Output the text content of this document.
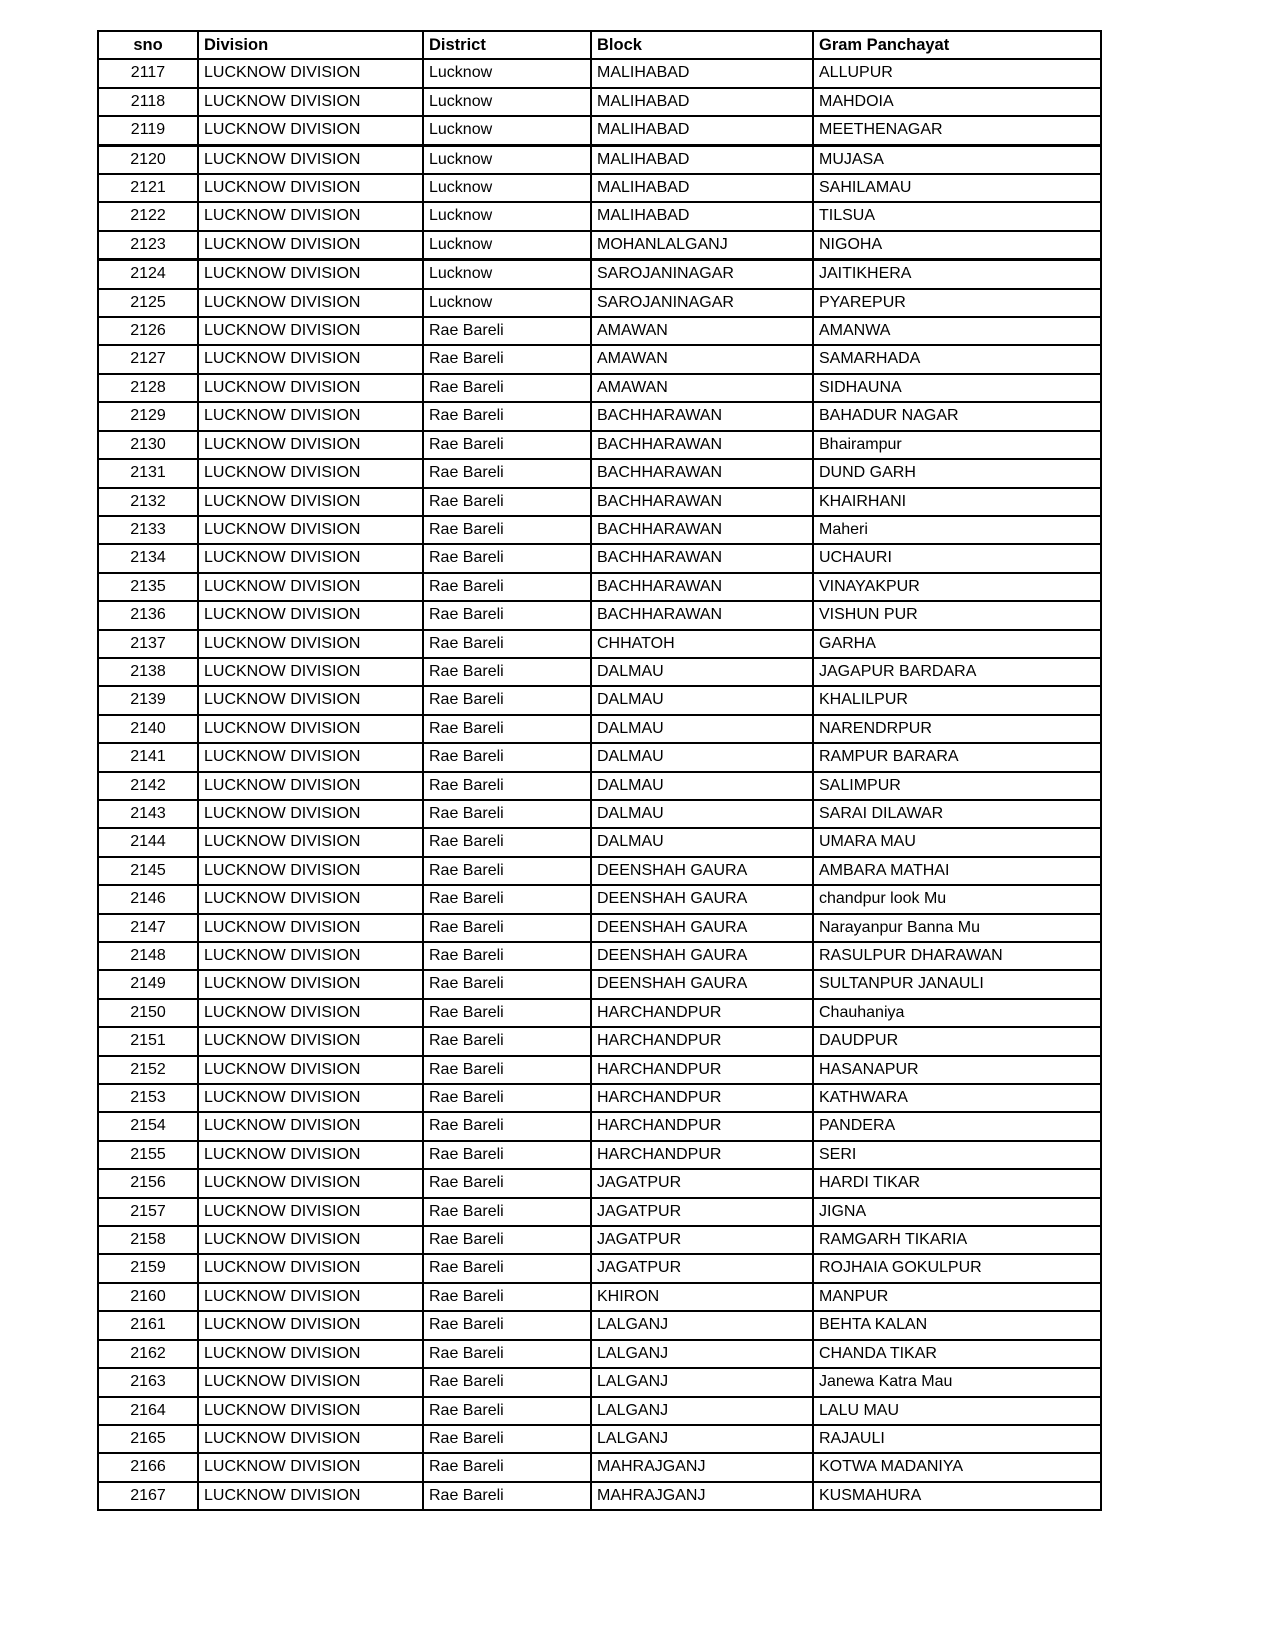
sno	Division	District	Block	Gram Panchayat
2117	LUCKNOW DIVISION	Lucknow	MALIHABAD	ALLUPUR
2118	LUCKNOW DIVISION	Lucknow	MALIHABAD	MAHDOIA
2119	LUCKNOW DIVISION	Lucknow	MALIHABAD	MEETHENAGAR
2120	LUCKNOW DIVISION	Lucknow	MALIHABAD	MUJASA
2121	LUCKNOW DIVISION	Lucknow	MALIHABAD	SAHILAMAU
2122	LUCKNOW DIVISION	Lucknow	MALIHABAD	TILSUA
2123	LUCKNOW DIVISION	Lucknow	MOHANLALGANJ	NIGOHA
2124	LUCKNOW DIVISION	Lucknow	SAROJANINAGAR	JAITIKHERA
2125	LUCKNOW DIVISION	Lucknow	SAROJANINAGAR	PYAREPUR
2126	LUCKNOW DIVISION	Rae Bareli	AMAWAN	AMANWA
2127	LUCKNOW DIVISION	Rae Bareli	AMAWAN	SAMARHADA
2128	LUCKNOW DIVISION	Rae Bareli	AMAWAN	SIDHAUNA
2129	LUCKNOW DIVISION	Rae Bareli	BACHHARAWAN	BAHADUR NAGAR
2130	LUCKNOW DIVISION	Rae Bareli	BACHHARAWAN	Bhairampur
2131	LUCKNOW DIVISION	Rae Bareli	BACHHARAWAN	DUND GARH
2132	LUCKNOW DIVISION	Rae Bareli	BACHHARAWAN	KHAIRHANI
2133	LUCKNOW DIVISION	Rae Bareli	BACHHARAWAN	Maheri
2134	LUCKNOW DIVISION	Rae Bareli	BACHHARAWAN	UCHAURI
2135	LUCKNOW DIVISION	Rae Bareli	BACHHARAWAN	VINAYAKPUR
2136	LUCKNOW DIVISION	Rae Bareli	BACHHARAWAN	VISHUN PUR
2137	LUCKNOW DIVISION	Rae Bareli	CHHATOH	GARHA
2138	LUCKNOW DIVISION	Rae Bareli	DALMAU	JAGAPUR BARDARA
2139	LUCKNOW DIVISION	Rae Bareli	DALMAU	KHALILPUR
2140	LUCKNOW DIVISION	Rae Bareli	DALMAU	NARENDRPUR
2141	LUCKNOW DIVISION	Rae Bareli	DALMAU	RAMPUR BARARA
2142	LUCKNOW DIVISION	Rae Bareli	DALMAU	SALIMPUR
2143	LUCKNOW DIVISION	Rae Bareli	DALMAU	SARAI DILAWAR
2144	LUCKNOW DIVISION	Rae Bareli	DALMAU	UMARA MAU
2145	LUCKNOW DIVISION	Rae Bareli	DEENSHAH GAURA	AMBARA MATHAI
2146	LUCKNOW DIVISION	Rae Bareli	DEENSHAH GAURA	chandpur look Mu
2147	LUCKNOW DIVISION	Rae Bareli	DEENSHAH GAURA	Narayanpur Banna Mu
2148	LUCKNOW DIVISION	Rae Bareli	DEENSHAH GAURA	RASULPUR DHARAWAN
2149	LUCKNOW DIVISION	Rae Bareli	DEENSHAH GAURA	SULTANPUR JANAULI
2150	LUCKNOW DIVISION	Rae Bareli	HARCHANDPUR	Chauhaniya
2151	LUCKNOW DIVISION	Rae Bareli	HARCHANDPUR	DAUDPUR
2152	LUCKNOW DIVISION	Rae Bareli	HARCHANDPUR	HASANAPUR
2153	LUCKNOW DIVISION	Rae Bareli	HARCHANDPUR	KATHWARA
2154	LUCKNOW DIVISION	Rae Bareli	HARCHANDPUR	PANDERA
2155	LUCKNOW DIVISION	Rae Bareli	HARCHANDPUR	SERI
2156	LUCKNOW DIVISION	Rae Bareli	JAGATPUR	HARDI TIKAR
2157	LUCKNOW DIVISION	Rae Bareli	JAGATPUR	JIGNA
2158	LUCKNOW DIVISION	Rae Bareli	JAGATPUR	RAMGARH TIKARIA
2159	LUCKNOW DIVISION	Rae Bareli	JAGATPUR	ROJHAIA GOKULPUR
2160	LUCKNOW DIVISION	Rae Bareli	KHIRON	MANPUR
2161	LUCKNOW DIVISION	Rae Bareli	LALGANJ	BEHTA KALAN
2162	LUCKNOW DIVISION	Rae Bareli	LALGANJ	CHANDA TIKAR
2163	LUCKNOW DIVISION	Rae Bareli	LALGANJ	Janewa Katra Mau
2164	LUCKNOW DIVISION	Rae Bareli	LALGANJ	LALU MAU
2165	LUCKNOW DIVISION	Rae Bareli	LALGANJ	RAJAULI
2166	LUCKNOW DIVISION	Rae Bareli	MAHRAJGANJ	KOTWA MADANIYA
2167	LUCKNOW DIVISION	Rae Bareli	MAHRAJGANJ	KUSMAHURA
